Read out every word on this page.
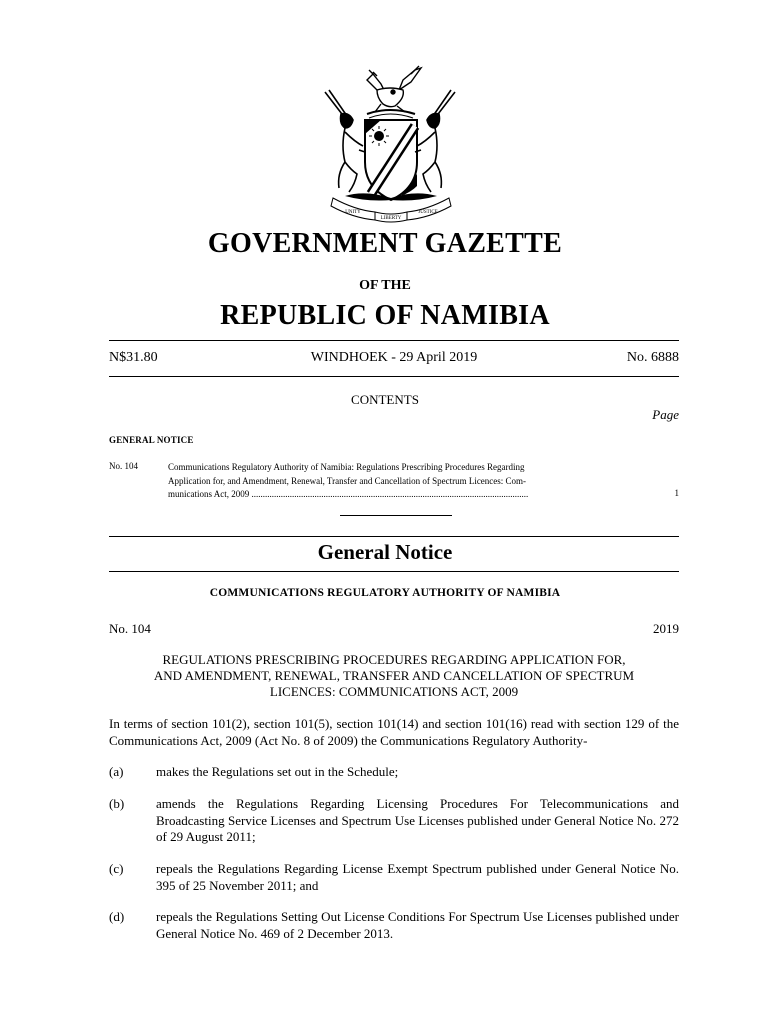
UNITY
LIBERTY
JUSTICE
GOVERNMENT GAZETTE
OF THE
REPUBLIC OF NAMIBIA
WINDHOEK - 29 April 2019
N$31.80	No. 6888
CONTENTS
Page
GENERAL NOTICE
No. 104	Communications Regulatory Authority of Namibia: Regulations Prescribing Procedures Regarding
Application for, and Amendment, Renewal, Transfer and Cancellation of Spectrum Licences: Com-
munications Act, 2009 ...........................................................................................................................	1
General Notice
COMMUNICATIONS REGULATORY AUTHORITY OF NAMIBIA
No. 104	2019
REGULATIONS PRESCRIBING PROCEDURES REGARDING APPLICATION FOR,
AND AMENDMENT, RENEWAL, TRANSFER AND CANCELLATION OF SPECTRUM
LICENCES: COMMUNICATIONS ACT, 2009
In terms of section 101(2), section 101(5), section 101(14) and section 101(16) read with section 129 of the Communications Act, 2009 (Act No. 8 of 2009) the Communications Regulatory Authority-
(a)	makes the Regulations set out in the Schedule;
(b) amends the Regulations Regarding Licensing Procedures For Telecommunications and Broadcasting Service Licenses and Spectrum Use Licenses published under General Notice No. 272 of 29 August 2011;
(c)	repeals the Regulations Regarding License Exempt Spectrum published under General Notice No. 395 of 25 November 2011; and
(d) repeals the Regulations Setting Out License Conditions For Spectrum Use Licenses published under General Notice No. 469 of 2 December 2013.
